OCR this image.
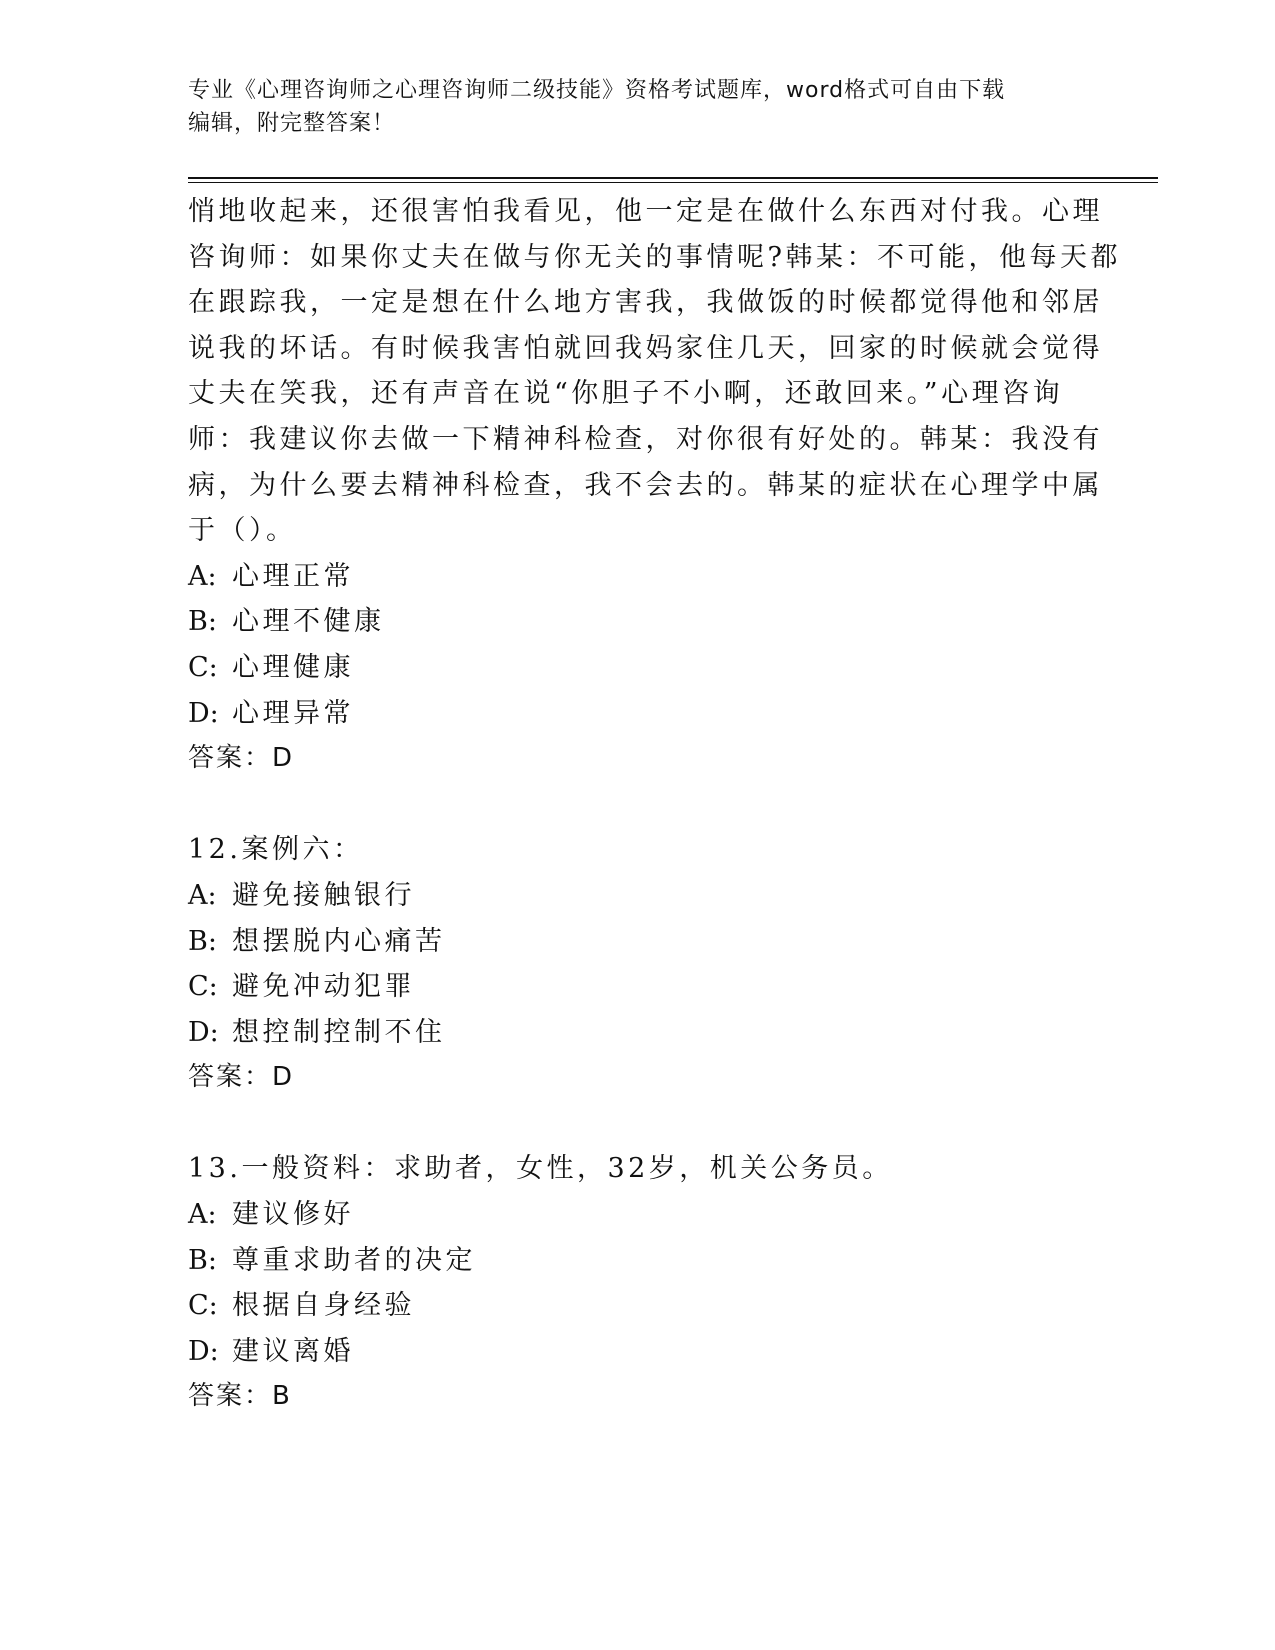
专业《心理咨询师之心理咨询师二级技能》资格考试题库，word格式可自由下载
编辑，附完整答案！
悄地收起来，还很害怕我看见，他一定是在做什么东西对付我。心理
咨询师：如果你丈夫在做与你无关的事情呢?韩某：不可能，他每天都
在跟踪我，一定是想在什么地方害我，我做饭的时候都觉得他和邻居
说我的坏话。有时候我害怕就回我妈家住几天，回家的时候就会觉得
丈夫在笑我，还有声音在说“你胆子不小啊，还敢回来。”心理咨询
师：我建议你去做一下精神科检查，对你很有好处的。韩某：我没有
病，为什么要去精神科检查，我不会去的。韩某的症状在心理学中属
于（）。
A: 心理正常
B: 心理不健康
C: 心理健康
D: 心理异常
答案：D
12.案例六：
A: 避免接触银行
B: 想摆脱内心痛苦
C: 避免冲动犯罪
D: 想控制控制不住
答案：D
13.一般资料：求助者，女性，32岁，机关公务员。
A: 建议修好
B: 尊重求助者的决定
C: 根据自身经验
D: 建议离婚
答案：B
